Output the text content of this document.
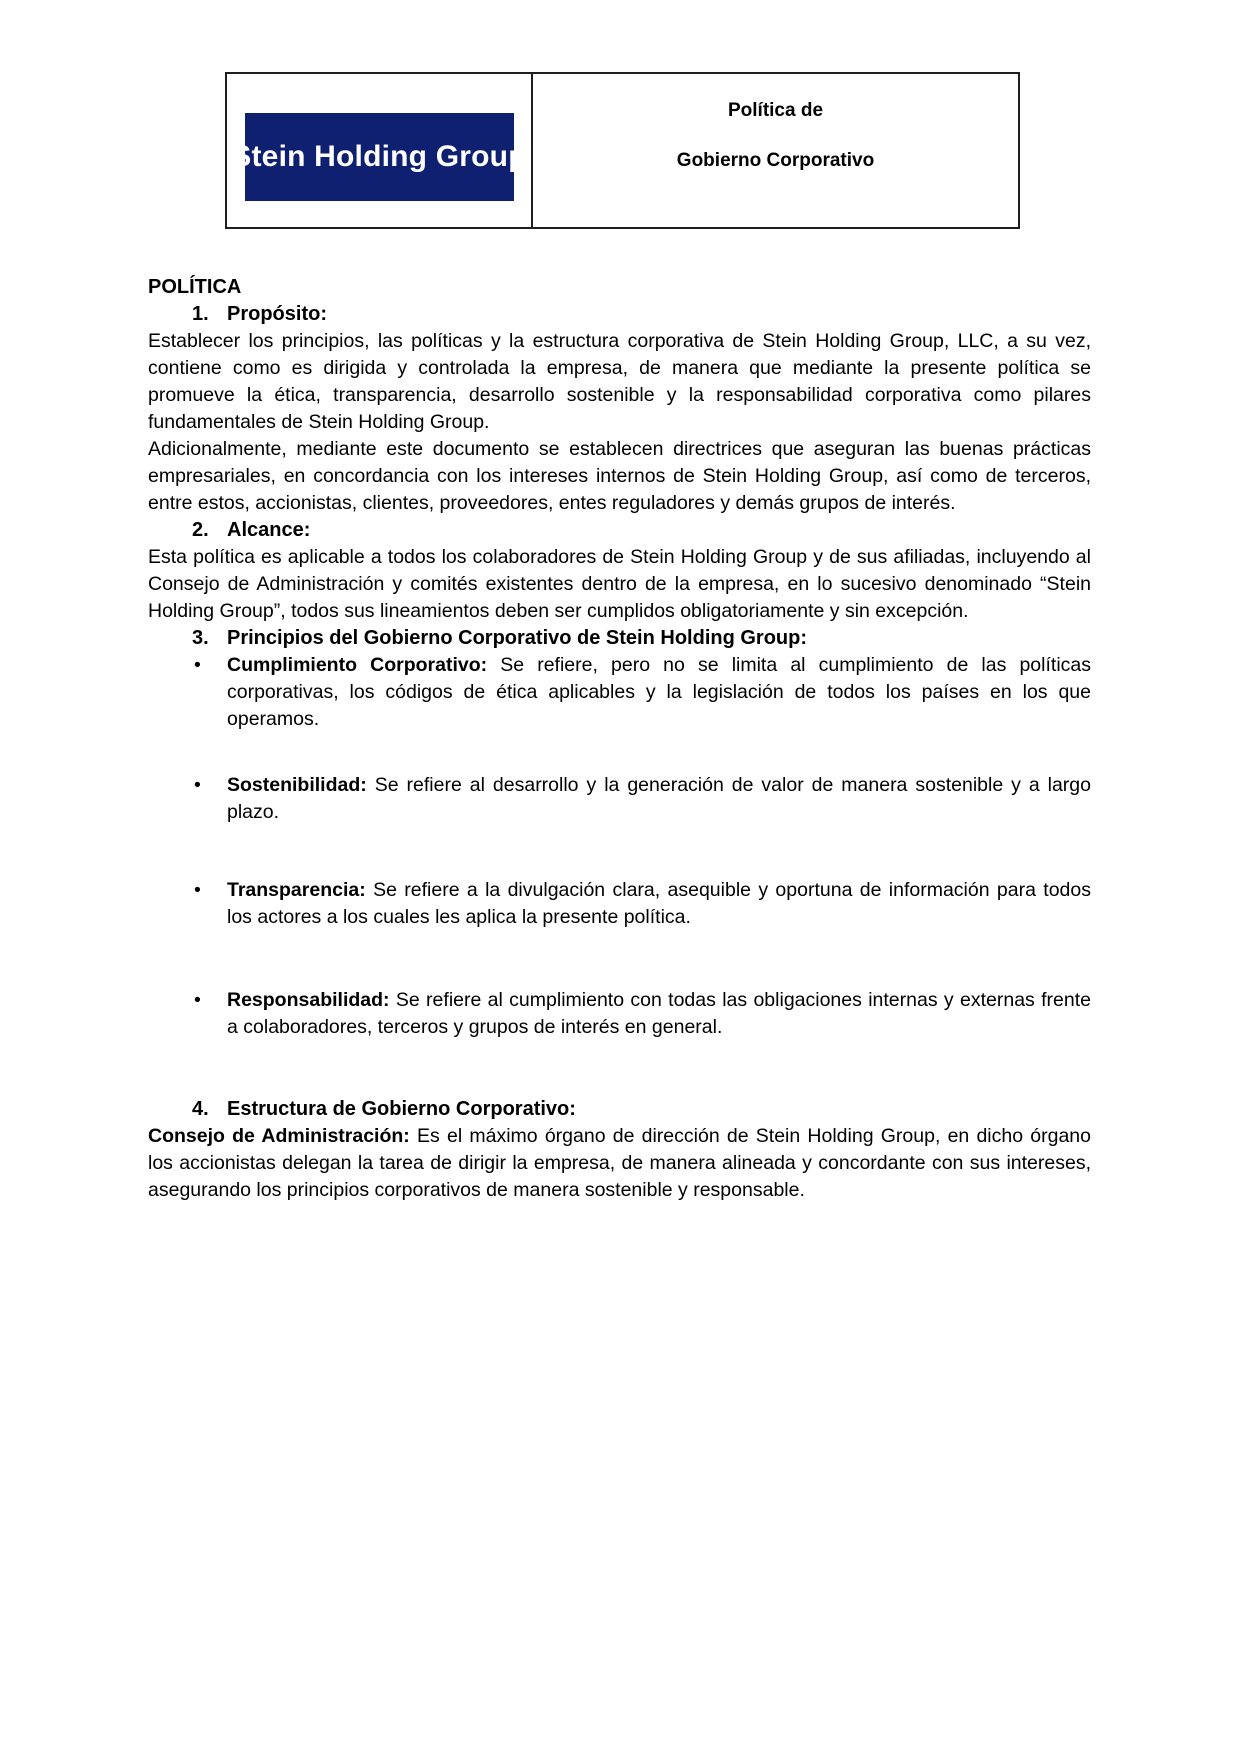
Stein Holding Group
Política de
Gobierno Corporativo

POLÍTICA

1. Propósito:

Establecer los principios, las políticas y la estructura corporativa de Stein Holding Group, LLC, a su vez, contiene como es dirigida y controlada la empresa, de manera que mediante la presente política se promueve la ética, transparencia, desarrollo sostenible y la responsabilidad corporativa como pilares fundamentales de Stein Holding Group.

Adicionalmente, mediante este documento se establecen directrices que aseguran las buenas prácticas empresariales, en concordancia con los intereses internos de Stein Holding Group, así como de terceros, entre estos, accionistas, clientes, proveedores, entes reguladores y demás grupos de interés.

2. Alcance:

Esta política es aplicable a todos los colaboradores de Stein Holding Group y de sus afiliadas, incluyendo al Consejo de Administración y comités existentes dentro de la empresa, en lo sucesivo denominado “Stein Holding Group”, todos sus lineamientos deben ser cumplidos obligatoriamente y sin excepción.

3. Principios del Gobierno Corporativo de Stein Holding Group:

• Cumplimiento Corporativo: Se refiere, pero no se limita al cumplimiento de las políticas corporativas, los códigos de ética aplicables y la legislación de todos los países en los que operamos.
• Sostenibilidad: Se refiere al desarrollo y la generación de valor de manera sostenible y a largo plazo.
• Transparencia: Se refiere a la divulgación clara, asequible y oportuna de información para todos los actores a los cuales les aplica la presente política.
• Responsabilidad: Se refiere al cumplimiento con todas las obligaciones internas y externas frente a colaboradores, terceros y grupos de interés en general.

4. Estructura de Gobierno Corporativo:

Consejo de Administración: Es el máximo órgano de dirección de Stein Holding Group, en dicho órgano los accionistas delegan la tarea de dirigir la empresa, de manera alineada y concordante con sus intereses, asegurando los principios corporativos de manera sostenible y responsable.
